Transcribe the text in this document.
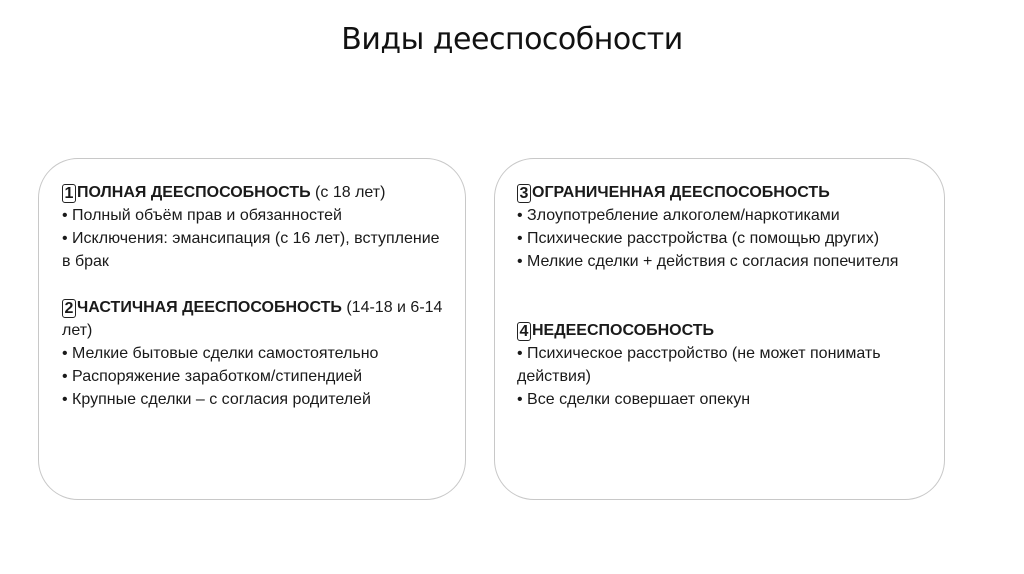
Виды дееспособности

1 ПОЛНАЯ ДЕЕСПОСОБНОСТЬ (с 18 лет)

• Полный объём прав и обязанностей

• Исключения: эмансипация (с 16 лет), вступление в брак

2 ЧАСТИЧНАЯ ДЕЕСПОСОБНОСТЬ (14-18 и 6-14 лет)

• Мелкие бытовые сделки самостоятельно

• Распоряжение заработком/стипендией

• Крупные сделки – с согласия родителей

3 ОГРАНИЧЕННАЯ ДЕЕСПОСОБНОСТЬ

• Злоупотребление алкоголем/наркотиками

• Психические расстройства (с помощью других)

• Мелкие сделки + действия с согласия попечителя

4 НЕДЕЕСПОСОБНОСТЬ

• Психическое расстройство (не может понимать действия)

• Все сделки совершает опекун
